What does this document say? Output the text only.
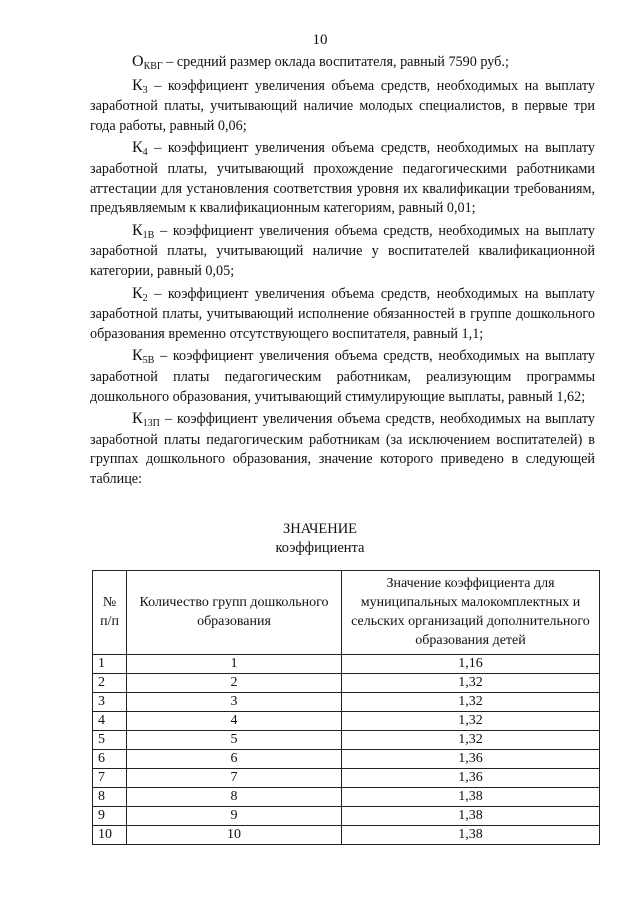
10

$О_{КВГ}$ – средний размер оклада воспитателя, равный 7590 руб.;

$К_3$ – коэффициент увеличения объема средств, необходимых на выплату заработной платы, учитывающий наличие молодых специалистов, в первые три года работы, равный 0,06;

$К_4$ – коэффициент увеличения объема средств, необходимых на выплату заработной платы, учитывающий прохождение педагогическими работниками аттестации для установления соответствия уровня их квалификации требованиям, предъявляемым к квалификационным категориям, равный 0,01;

$К_{1В}$ – коэффициент увеличения объема средств, необходимых на выплату заработной платы, учитывающий наличие у воспитателей квалификационной категории, равный 0,05;

$К_2$ – коэффициент увеличения объема средств, необходимых на выплату заработной платы, учитывающий исполнение обязанностей в группе дошкольного образования временно отсутствующего воспитателя, равный 1,1;

$К_{5В}$ – коэффициент увеличения объема средств, необходимых на выплату заработной платы педагогическим работникам, реализующим программы дошкольного образования, учитывающий стимулирующие выплаты, равный 1,62;

$К_{13П}$ – коэффициент увеличения объема средств, необходимых на выплату заработной платы педагогическим работникам (за исключением воспитателей) в группах дошкольного образования, значение которого приведено в следующей таблице:

ЗНАЧЕНИЕ
коэффициента
№ п/п	Количество групп дошкольного образования	Значение коэффициента для муниципальных малокомплектных и сельских организаций дополнительного образования детей
1	1	1,16
2	2	1,32
3	3	1,32
4	4	1,32
5	5	1,32
6	6	1,36
7	7	1,36
8	8	1,38
9	9	1,38
10	10	1,38
